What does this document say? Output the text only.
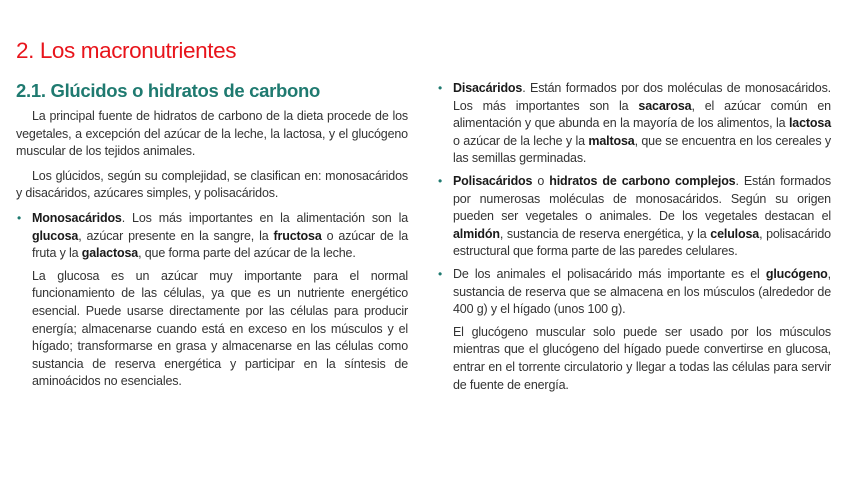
2. Los macronutrientes
2.1. Glúcidos o hidratos de carbono

La principal fuente de hidratos de carbono de la dieta procede de los vegetales, a excepción del azúcar de la leche, la lactosa, y el glucógeno muscular de los tejidos animales.

Los glúcidos, según su complejidad, se clasifican en: monosacáridos y disacáridos, azúcares simples, y polisacáridos.

• Monosacáridos. Los más importantes en la alimentación son la glucosa, azúcar presente en la sangre, la fructosa o azúcar de la fruta y la galactosa, que forma parte del azúcar de la leche.

La glucosa es un azúcar muy importante para el normal funcionamiento de las células, ya que es un nutriente energético esencial. Puede usarse directamente por las células para producir energía; almacenarse cuando está en exceso en los músculos y el hígado; transformarse en grasa y almacenarse en las células como sustancia de reserva energética y participar en la síntesis de aminoácidos no esenciales.

• Disacáridos. Están formados por dos moléculas de monosacáridos. Los más importantes son la sacarosa, el azúcar común en alimentación y que abunda en la mayoría de los alimentos, la lactosa o azúcar de la leche y la maltosa, que se encuentra en los cereales y las semillas germinadas.

• Polisacáridos o hidratos de carbono complejos. Están formados por numerosas moléculas de monosacáridos. Según su origen pueden ser vegetales o animales. De los vegetales destacan el almidón, sustancia de reserva energética, y la celulosa, polisacárido estructural que forma parte de las paredes celulares.

• De los animales el polisacárido más importante es el glucógeno, sustancia de reserva que se almacena en los músculos (alrededor de 400 g) y el hígado (unos 100 g).

El glucógeno muscular solo puede ser usado por los músculos mientras que el glucógeno del hígado puede convertirse en glucosa, entrar en el torrente circulatorio y llegar a todas las células para servir de fuente de energía.
